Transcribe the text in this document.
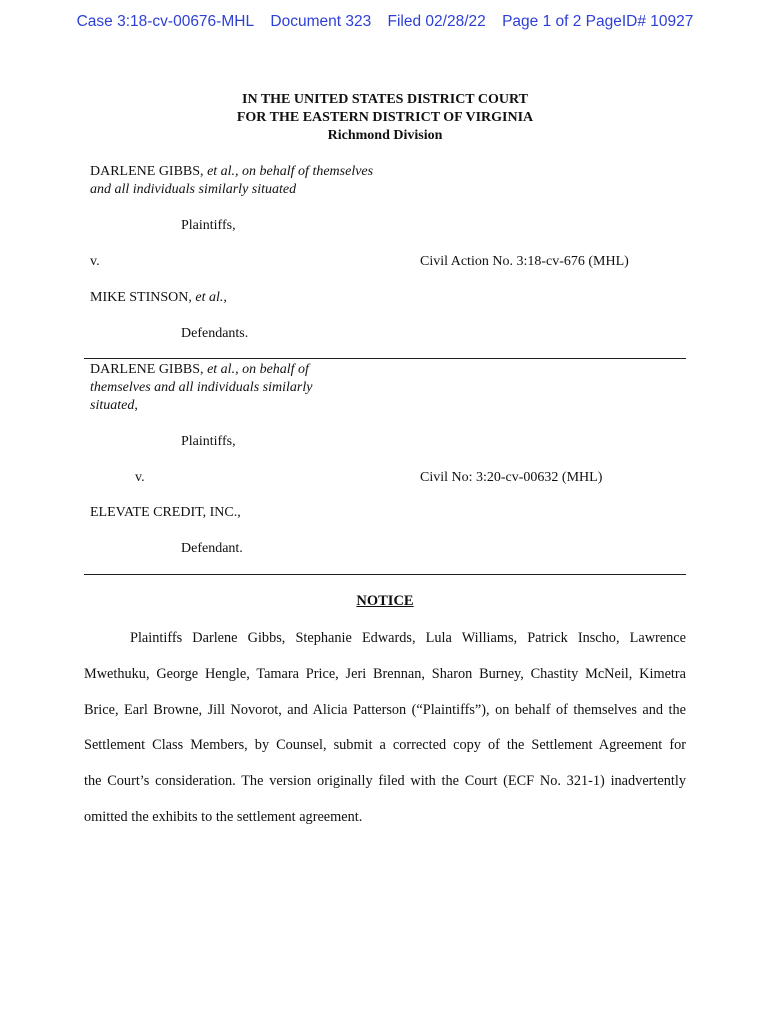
Case 3:18-cv-00676-MHL Document 323 Filed 02/28/22 Page 1 of 2 PageID# 10927
IN THE UNITED STATES DISTRICT COURT
FOR THE EASTERN DISTRICT OF VIRGINIA
Richmond Division
DARLENE GIBBS, et al., on behalf of themselves
and all individuals similarly situated
Plaintiffs,
v.	Civil Action No. 3:18-cv-676 (MHL)
MIKE STINSON, et al.,
Defendants.
DARLENE GIBBS, et al., on behalf of
themselves and all individuals similarly
situated,
Plaintiffs,
v.	Civil No: 3:20-cv-00632 (MHL)
ELEVATE CREDIT, INC.,
Defendant.
NOTICE
Plaintiffs Darlene Gibbs, Stephanie Edwards, Lula Williams, Patrick Inscho, Lawrence
Mwethuku, George Hengle, Tamara Price, Jeri Brennan, Sharon Burney, Chastity McNeil, Kimetra
Brice, Earl Browne, Jill Novorot, and Alicia Patterson (“Plaintiffs”), on behalf of themselves and the
Settlement Class Members, by Counsel, submit a corrected copy of the Settlement Agreement for
the Court’s consideration. The version originally filed with the Court (ECF No. 321-1) inadvertently
omitted the exhibits to the settlement agreement.
